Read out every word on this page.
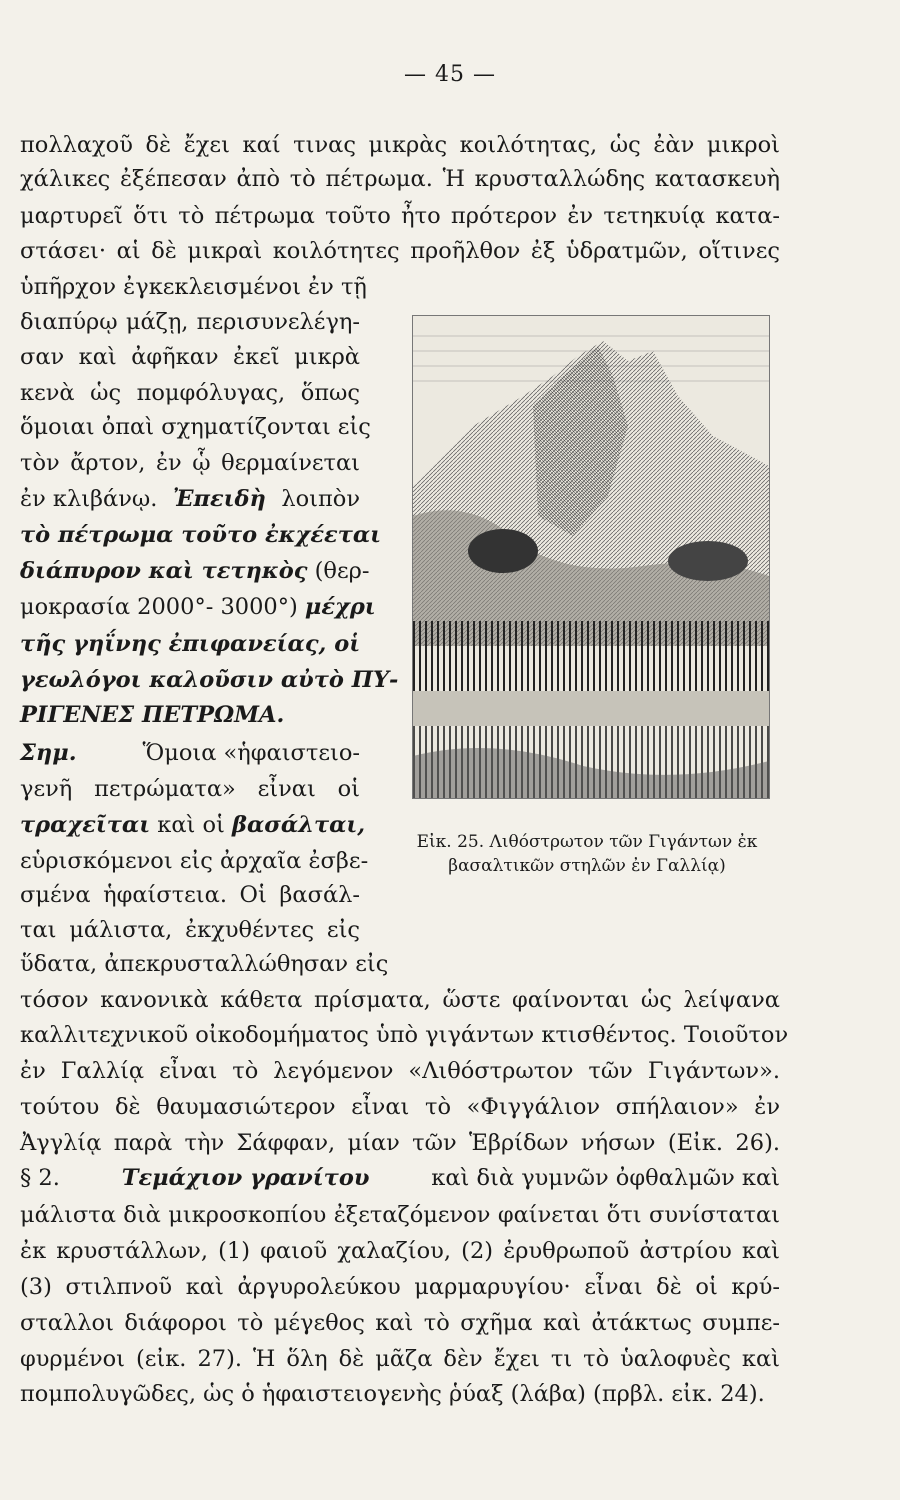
— 45 —
πολλαχοῦ δὲ ἔχει καί τινας μικρὰς κοιλότητας, ὡς ἐὰν μικροὶ
χάλικες ἐξέπεσαν ἀπὸ τὸ πέτρωμα. Ἡ κρυσταλλώδης κατασκευὴ
μαρτυρεῖ ὅτι τὸ πέτρωμα τοῦτο ἦτο πρότερον ἐν τετηκυίᾳ κατα-
στάσει· αἱ δὲ μικραὶ κοιλότητες προῆλθον ἐξ ὑδρατμῶν, οἵτινες
ὑπῆρχον ἐγκεκλεισμένοι ἐν τῇ
διαπύρῳ μάζῃ, περισυνελέγη-
σαν καὶ ἀφῆκαν ἐκεῖ μικρὰ
κενὰ ὡς πομφόλυγας, ὅπως
ὅμοιαι ὀπαὶ σχηματίζονται εἰς
τὸν ἄρτον, ἐν ᾧ θερμαίνεται
ἐν κλιβάνῳ. Ἐπειδὴ λοιπὸν
τὸ πέτρωμα τοῦτο ἐκχέεται
διάπυρον καὶ τετηκὸς (θερ-
μοκρασία 2000°- 3000°) μέχρι
τῆς γηΐνης ἐπιφανείας, οἱ
γεωλόγοι καλοῦσιν αὐτὸ ΠΥ-
ΡΙΓΕΝΕΣ ΠΕΤΡΩΜΑ.
Σημ.	Ὅμοια «ἡφαιστειο-
γενῆ πετρώματα» εἶναι οἱ
τραχεῖται καὶ οἱ βασάλται,
εὑρισκόμενοι εἰς ἀρχαῖα ἐσβε-
σμένα ἡφαίστεια. Οἱ βασάλ-
ται μάλιστα, ἐκχυθέντες εἰς
ὕδατα, ἀπεκρυσταλλώθησαν εἰς
τόσον κανονικὰ κάθετα πρίσματα, ὥστε φαίνονται ὡς λείψανα
καλλιτεχνικοῦ οἰκοδομήματος ὑπὸ γιγάντων κτισθέντος. Τοιοῦτον
ἐν Γαλλίᾳ εἶναι τὸ λεγόμενον «Λιθόστρωτον τῶν Γιγάντων».
τούτου δὲ θαυμασιώτερον εἶναι τὸ «Φιγγάλιον σπήλαιον» ἐν
Ἀγγλίᾳ παρὰ τὴν Σάφφαν, μίαν τῶν Ἑβρίδων νήσων (Εἰκ. 26).
§ 2. Τεμάχιον γρανίτου καὶ διὰ γυμνῶν ὀφθαλμῶν καὶ
μάλιστα διὰ μικροσκοπίου ἐξεταζόμενον φαίνεται ὅτι συνίσταται
ἐκ κρυστάλλων, (1) φαιοῦ χαλαζίου, (2) ἐρυθρωποῦ ἀστρίου καὶ
(3) στιλπνοῦ καὶ ἀργυρολεύκου μαρμαρυγίου· εἶναι δὲ οἱ κρύ-
σταλλοι διάφοροι τὸ μέγεθος καὶ τὸ σχῆμα καὶ ἀτάκτως συμπε-
φυρμένοι (εἰκ. 27). Ἡ ὅλη δὲ μᾶζα δὲν ἔχει τι τὸ ὑαλοφυὲς καὶ
πομπολυγῶδες, ὡς ὁ ἡφαιστειογενὴς ῥύαξ (λάβα) (πρβλ. εἰκ. 24).
Εἰκ. 25. Λιθόστρωτον τῶν Γιγάντων ἐκ
βασαλτικῶν στηλῶν ἐν Γαλλίᾳ)
